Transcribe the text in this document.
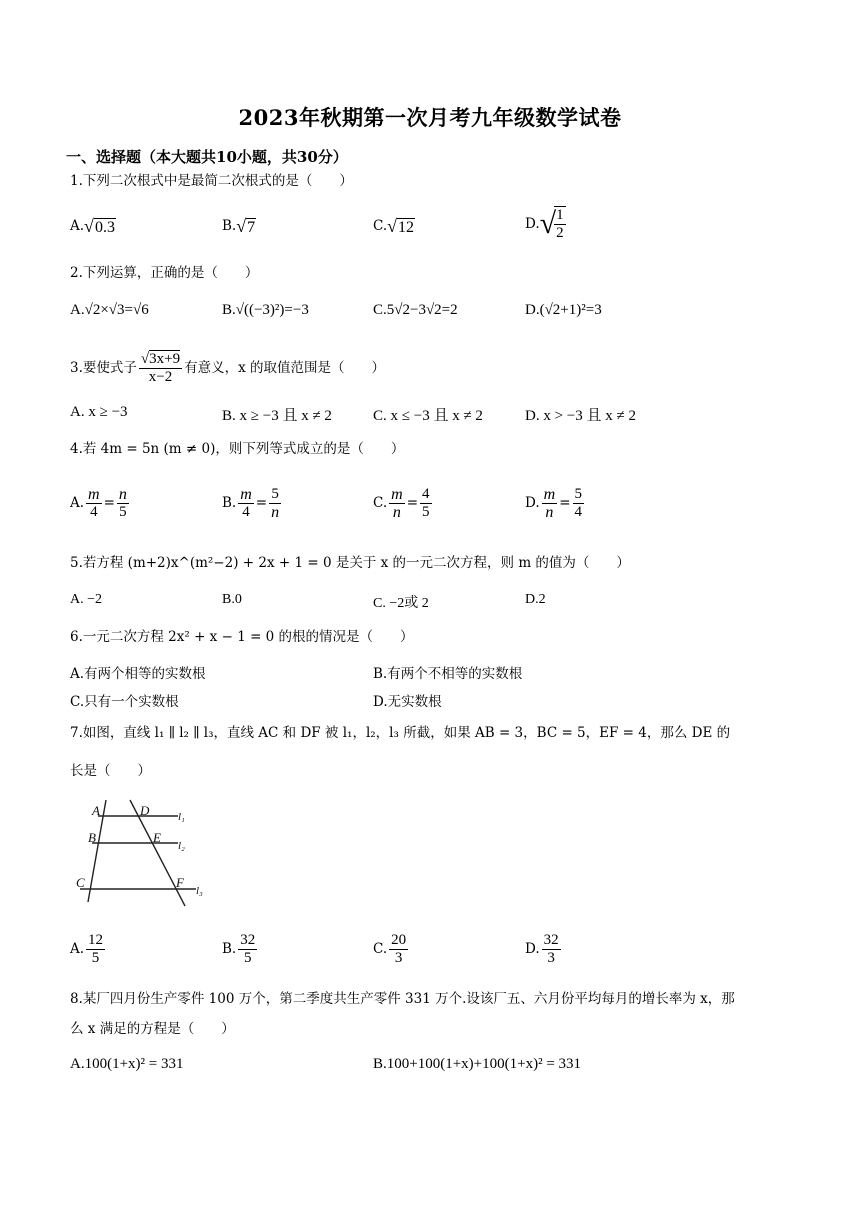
2023年秋期第一次月考九年级数学试卷
一、选择题（本大题共10小题，共30分）
1.下列二次根式中是最简二次根式的是（　　）
A. √ 0.3	B. √ 7	C. √ 12	D.√
$\frac{1}{2}$
2.下列运算，正确的是（　　）
A.√2×√3=√6	B.√((−3)²)=−3	C.5√2−3√2=2	D.(√2+1)²=3
3.要使式子 $\frac{√3x+9}{x-2}$ 有意义，x 的取值范围是（　　）
A. x ≥ −3	B. x ≥ −3 且 x ≠ 2	C. x ≤ −3 且 x ≠ 2	D. x > −3 且 x ≠ 2
4.若 4m = 5n (m ≠ 0)，则下列等式成立的是（　　）
A. $\frac{m}{4} = \frac{n}{5}$	B. $\frac{m}{4} = \frac{5}{n}$	C. $\frac{m}{n} = \frac{4}{5}$	D. $\frac{m}{n} = \frac{5}{4}$
5.若方程 (m+2)x^(m²−2) + 2x + 1 = 0 是关于 x 的一元二次方程，则 m 的值为（　　）
A. −2	B.0	C. −2或 2	D.2
6.一元二次方程 2x² + x − 1 = 0 的根的情况是（　　）
A.有两个相等的实数根	B.有两个不相等的实数根
C.只有一个实数根	D.无实数根
7.如图，直线 l₁ ∥ l₂ ∥ l₃，直线 AC 和 DF 被 l₁，l₂，l₃ 所截，如果 AB = 3，BC = 5，EF = 4，那么 DE 的
长是（　　）
A	D
B	E
C	F
l₁
l₂
l₃
A. $\frac{12}{5}$	B. $\frac{32}{5}$	C. $\frac{20}{3}$	D. $\frac{32}{3}$
8.某厂四月份生产零件 100 万个，第二季度共生产零件 331 万个.设该厂五、六月份平均每月的增长率为 x，那
么 x 满足的方程是（　　）
A.100(1+x)² = 331	B.100+100(1+x)+100(1+x)² = 331
